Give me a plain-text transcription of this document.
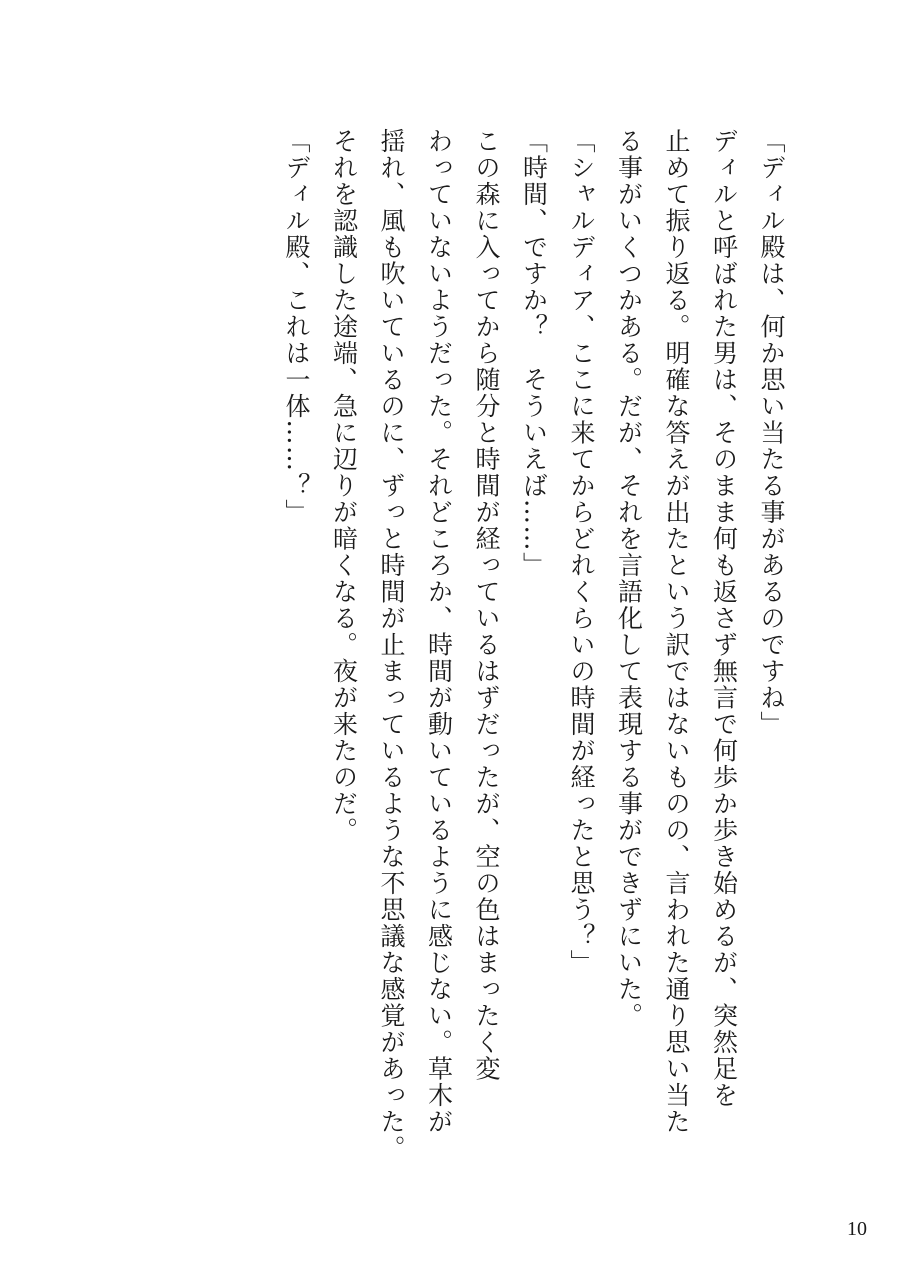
「ディル殿は、何か思い当たる事があるのですね」
ディルと呼ばれた男は、そのまま何も返さず無言で何歩か歩き始めるが、突然足を
止めて振り返る。明確な答えが出たという訳ではないものの、言われた通り思い当た
る事がいくつかある。だが、それを言語化して表現する事ができずにいた。
「シャルディア、ここに来てからどれくらいの時間が経ったと思う？」
「時間、ですか？　そういえば……」
この森に入ってから随分と時間が経っているはずだったが、空の色はまったく変
わっていないようだった。それどころか、時間が動いているように感じない。草木が
揺れ、風も吹いているのに、ずっと時間が止まっているような不思議な感覚があった。
それを認識した途端、急に辺りが暗くなる。夜が来たのだ。
「ディル殿、これは一体……？」
10
